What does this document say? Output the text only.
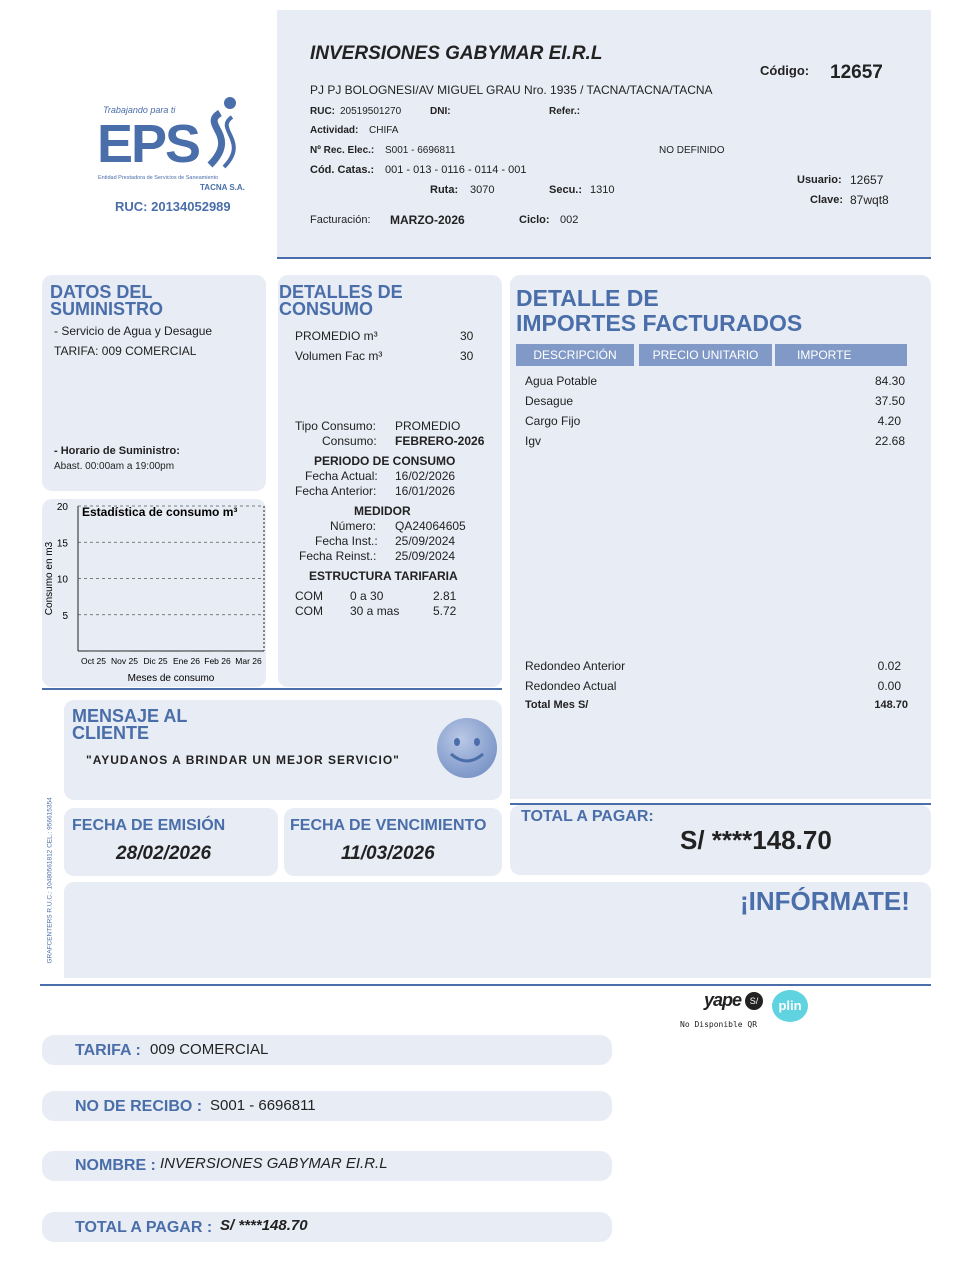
Trabajando para ti
EPS
Entidad Prestadora de Servicios de Saneamiento
TACNA S.A.
RUC: 20134052989
INVERSIONES GABYMAR EI.R.L
PJ PJ BOLOGNESI/AV MIGUEL GRAU Nro. 1935 / TACNA/TACNA/TACNA
Código: 12657
RUC: 20519501270	DNI:	Refer.:
Actividad: CHIFA
Nº Rec. Elec.: S001 - 6696811	NO DEFINIDO
Cód. Catas.: 001 - 013 - 0116 - 0114 - 001
Ruta: 3070	Secu.: 1310
Usuario: 12657
Clave: 87wqt8
Facturación: MARZO-2026	Ciclo: 002
DATOS DEL
SUMINISTRO
- Servicio de Agua y Desague
TARIFA: 009 COMERCIAL
- Horario de Suministro:
Abast. 00:00am a 19:00pm
20
15
10
5
Estadística de consumo m³
Oct 25 Nov 25 Dic 25 Ene 26 Feb 26 Mar 26
Meses de consumo
Consumo en m3
DETALLES DE
CONSUMO
PROMEDIO m³	30
Volumen Fac m³	30
Tipo Consumo: PROMEDIO
Consumo: FEBRERO-2026
PERIODO DE CONSUMO
Fecha Actual: 16/02/2026
Fecha Anterior: 16/01/2026
MEDIDOR
Número: QA24064605
Fecha Inst.: 25/09/2024
Fecha Reinst.: 25/09/2024
ESTRUCTURA TARIFARIA
COM 0 a 30	2.81
COM 30 a mas	5.72
DETALLE DE
IMPORTES FACTURADOS
DESCRIPCIÓN	PRECIO UNITARIO	IMPORTE
Agua Potable	84.30
Desague	37.50
Cargo Fijo	4.20
Igv	22.68
Redondeo Anterior	0.02
Redondeo Actual	0.00
Total Mes S/	148.70
MENSAJE AL
CLIENTE
"AYUDANOS A BRINDAR UN MEJOR SERVICIO"
FECHA DE EMISIÓN
28/02/2026
FECHA DE VENCIMIENTO
11/03/2026
TOTAL A PAGAR:
S/ ****148.70
¡INFÓRMATE!
GRAFCENTERS R.U.C.: 10480561812 CEL.: 956615354
yape S/	plin
No Disponible QR
TARIFA : 009 COMERCIAL
NO DE RECIBO : S001 - 6696811
NOMBRE : INVERSIONES GABYMAR EI.R.L
TOTAL A PAGAR : S/ ****148.70
